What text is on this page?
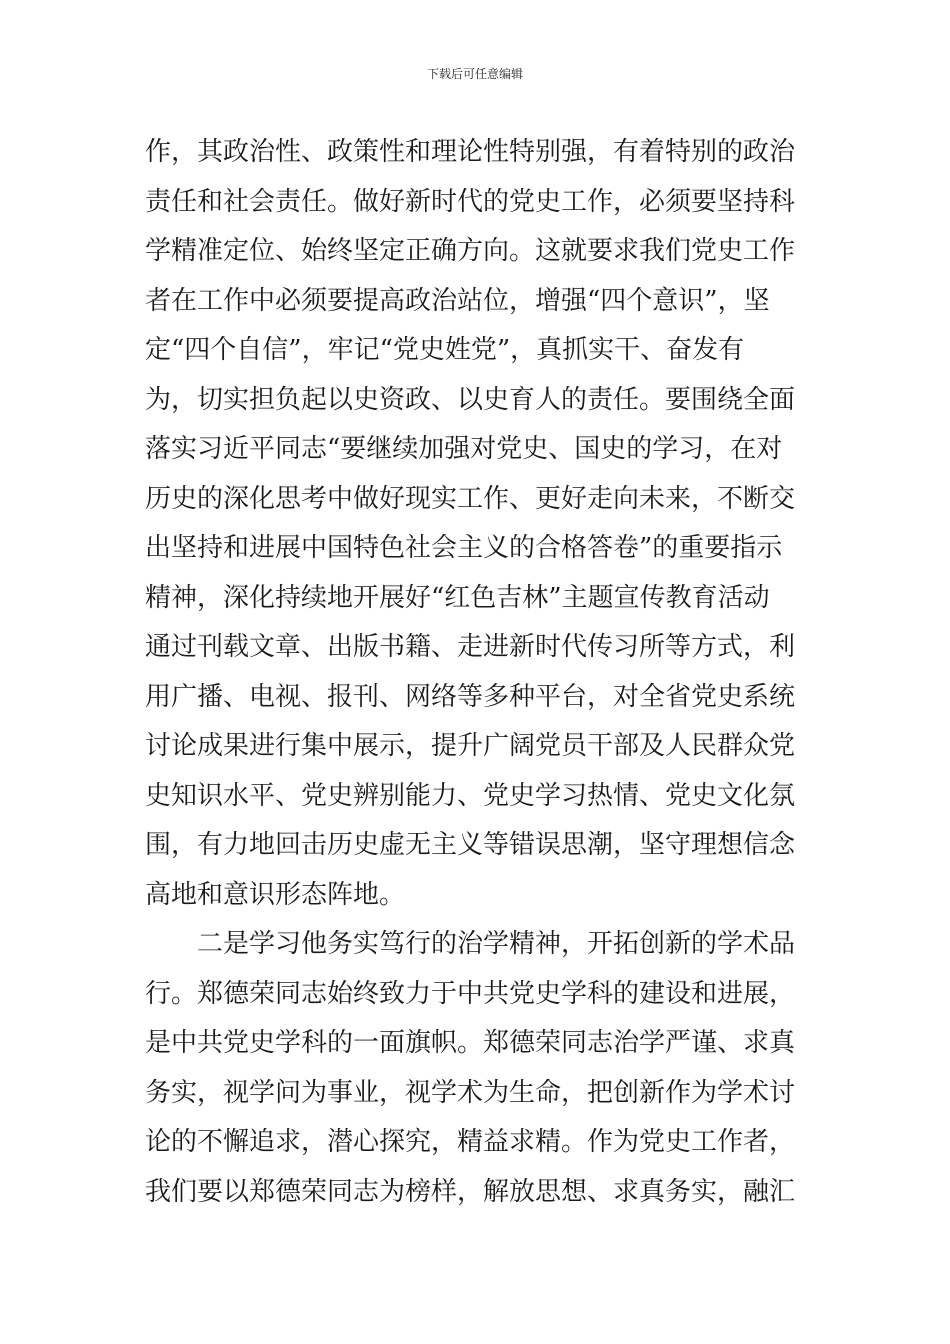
下载后可任意编辑
作，其政治性、政策性和理论性特别强，有着特别的政治
责任和社会责任。做好新时代的党史工作，必须要坚持科
学精准定位、始终坚定正确方向。这就要求我们党史工作
者在工作中必须要提高政治站位，增强“四个意识”，坚
定“四个自信”，牢记“党史姓党”，真抓实干、奋发有
为，切实担负起以史资政、以史育人的责任。要围绕全面
落实习近平同志“要继续加强对党史、国史的学习，在对
历史的深化思考中做好现实工作、更好走向未来，不断交
出坚持和进展中国特色社会主义的合格答卷”的重要指示
精神，深化持续地开展好“红色吉林”主题宣传教育活动
通过刊载文章、出版书籍、走进新时代传习所等方式，利
用广播、电视、报刊、网络等多种平台，对全省党史系统
讨论成果进行集中展示，提升广阔党员干部及人民群众党
史知识水平、党史辨别能力、党史学习热情、党史文化氛
围，有力地回击历史虚无主义等错误思潮，坚守理想信念
高地和意识形态阵地。
二是学习他务实笃行的治学精神，开拓创新的学术品
行。郑德荣同志始终致力于中共党史学科的建设和进展，
是中共党史学科的一面旗帜。郑德荣同志治学严谨、求真
务实，视学问为事业，视学术为生命，把创新作为学术讨
论的不懈追求，潜心探究，精益求精。作为党史工作者，
我们要以郑德荣同志为榜样，解放思想、求真务实，融汇
